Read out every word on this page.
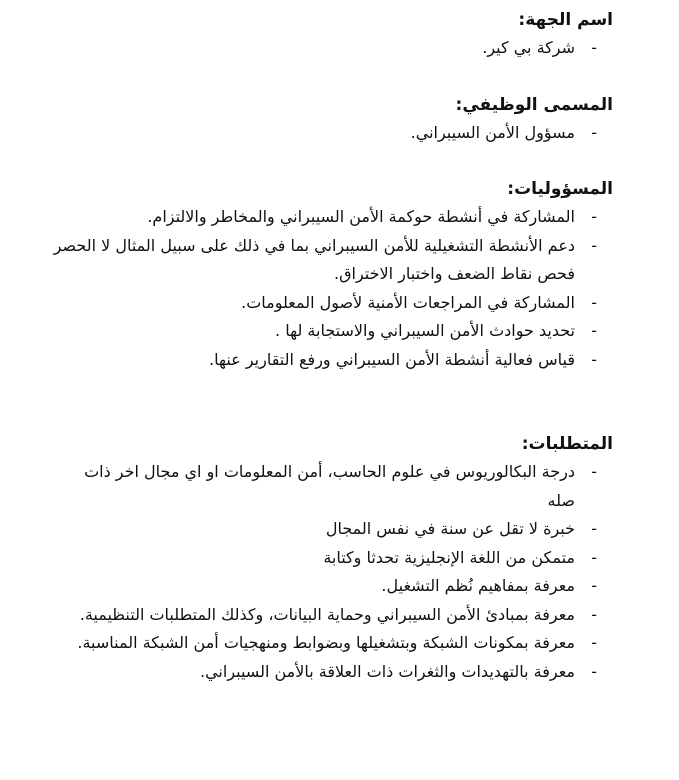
اسم الجهة:

-
شركة بي كير.

المسمى الوظيفي:

-
مسؤول الأمن السيبراني.

المسؤوليات:

-
المشاركة في أنشطة حوكمة الأمن السيبراني والمخاطر والالتزام.
-
دعم الأنشطة التشغيلية للأمن السيبراني بما في ذلك على سبيل المثال لا الحصر فحص نقاط الضعف واختبار الاختراق.
-
المشاركة في المراجعات الأمنية لأصول المعلومات.
-
تحديد حوادث الأمن السيبراني والاستجابة لها .
-
قياس فعالية أنشطة الأمن السيبراني ورفع التقارير عنها.

المتطلبات:

-
درجة البكالوريوس في علوم الحاسب، أمن المعلومات او اي مجال اخر ذات صله
-
خبرة لا تقل عن سنة في نفس المجال
-
متمكن من اللغة الإنجليزية تحدثا وكتابة
-
معرفة بمفاهيم نُظم التشغيل.
-
معرفة بمبادئ الأمن السيبراني وحماية البيانات، وكذلك المتطلبات التنظيمية.
-
معرفة بمكونات الشبكة وبتشغيلها وبضوابط ومنهجيات أمن الشبكة المناسبة.
-
معرفة بالتهديدات والثغرات ذات العلاقة بالأمن السيبراني.
